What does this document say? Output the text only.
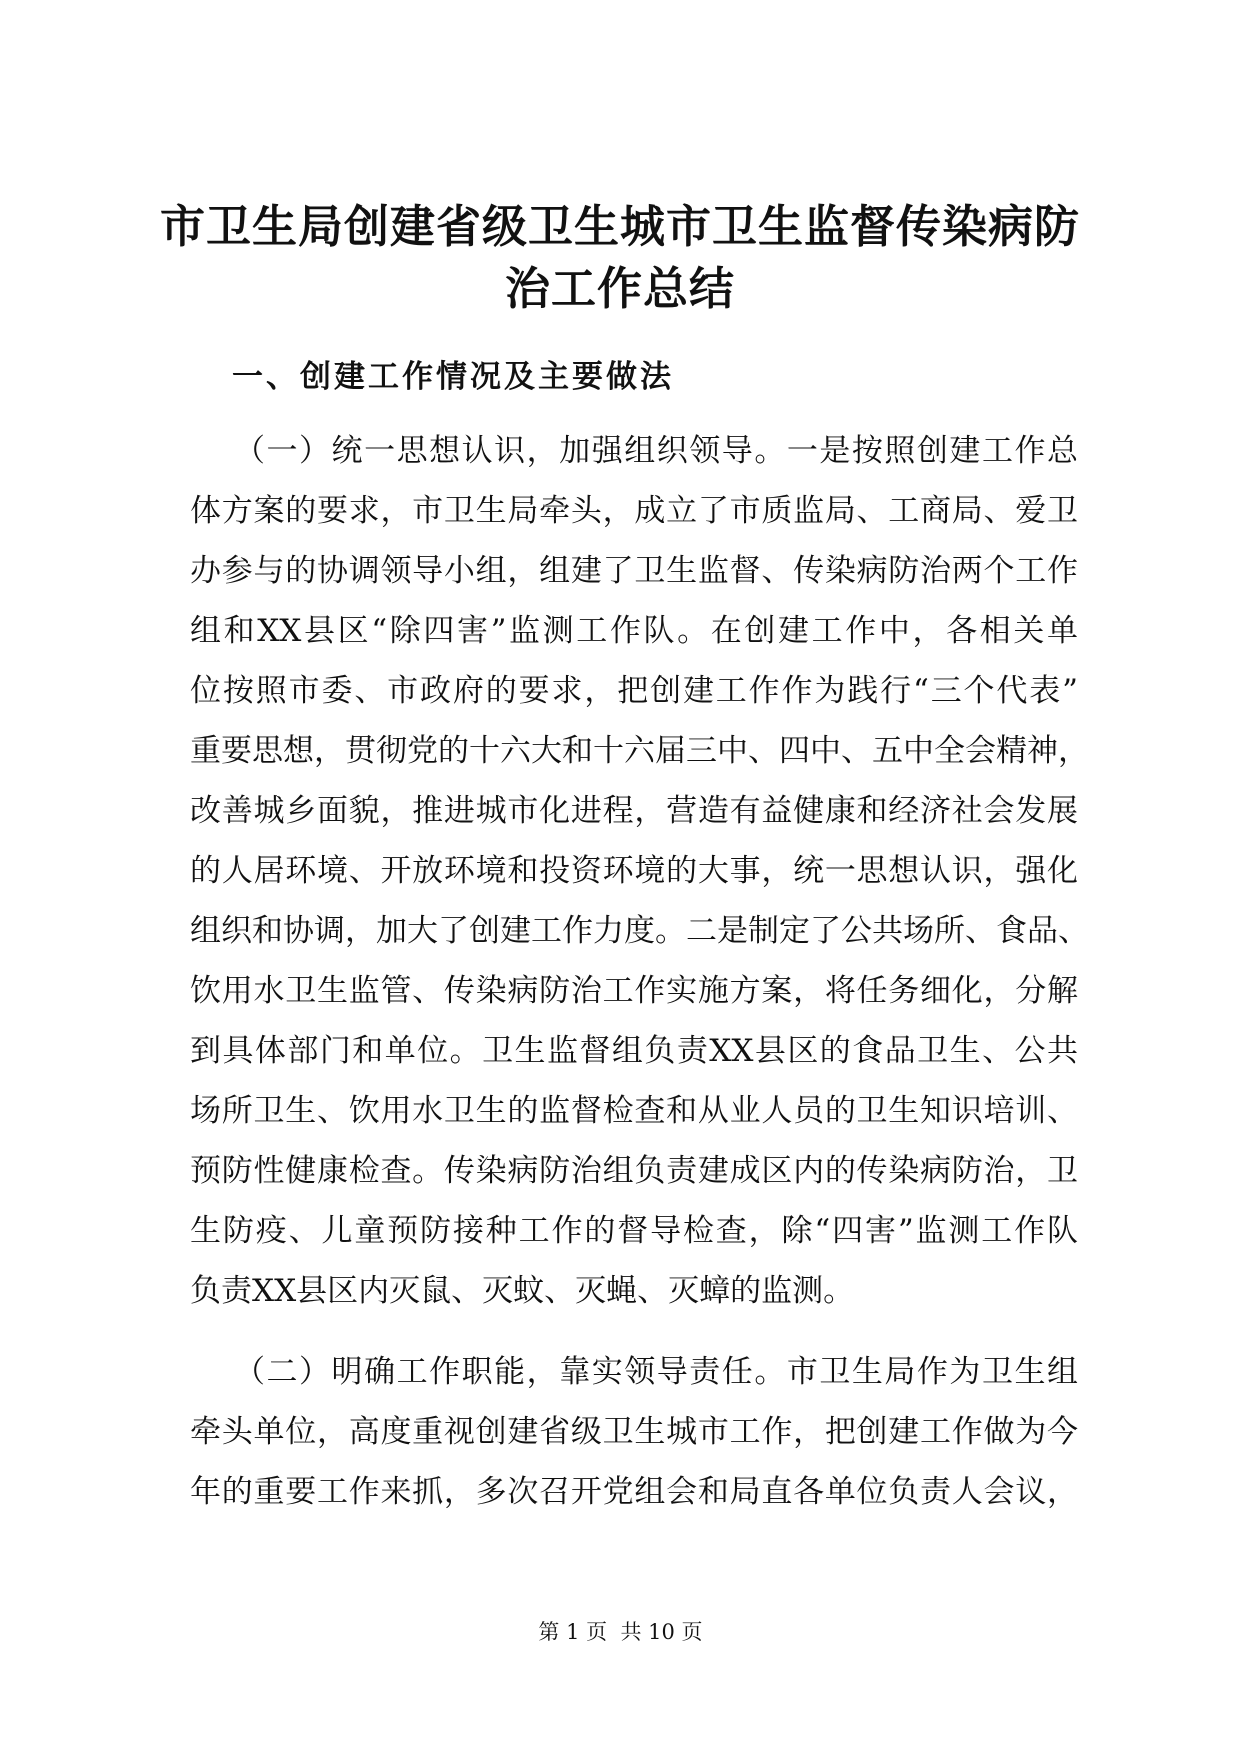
市卫生局创建省级卫生城市卫生监督传染病防
治工作总结
一、创建工作情况及主要做法
（一）统一思想认识，加强组织领导。一是按照创建工作总
体方案的要求，市卫生局牵头，成立了市质监局、工商局、爱卫
办参与的协调领导小组，组建了卫生监督、传染病防治两个工作
组和XX县区“除四害”监测工作队。在创建工作中，各相关单
位按照市委、市政府的要求，把创建工作作为践行“三个代表”
重要思想，贯彻党的十六大和十六届三中、四中、五中全会精神，
改善城乡面貌，推进城市化进程，营造有益健康和经济社会发展
的人居环境、开放环境和投资环境的大事，统一思想认识，强化
组织和协调，加大了创建工作力度。二是制定了公共场所、食品、
饮用水卫生监管、传染病防治工作实施方案，将任务细化，分解
到具体部门和单位。卫生监督组负责XX县区的食品卫生、公共
场所卫生、饮用水卫生的监督检查和从业人员的卫生知识培训、
预防性健康检查。传染病防治组负责建成区内的传染病防治，卫
生防疫、儿童预防接种工作的督导检查，除“四害”监测工作队
负责XX县区内灭鼠、灭蚊、灭蝇、灭蟑的监测。
（二）明确工作职能，靠实领导责任。市卫生局作为卫生组
牵头单位，高度重视创建省级卫生城市工作，把创建工作做为今
年的重要工作来抓，多次召开党组会和局直各单位负责人会议，
第 1 页  共 10 页
